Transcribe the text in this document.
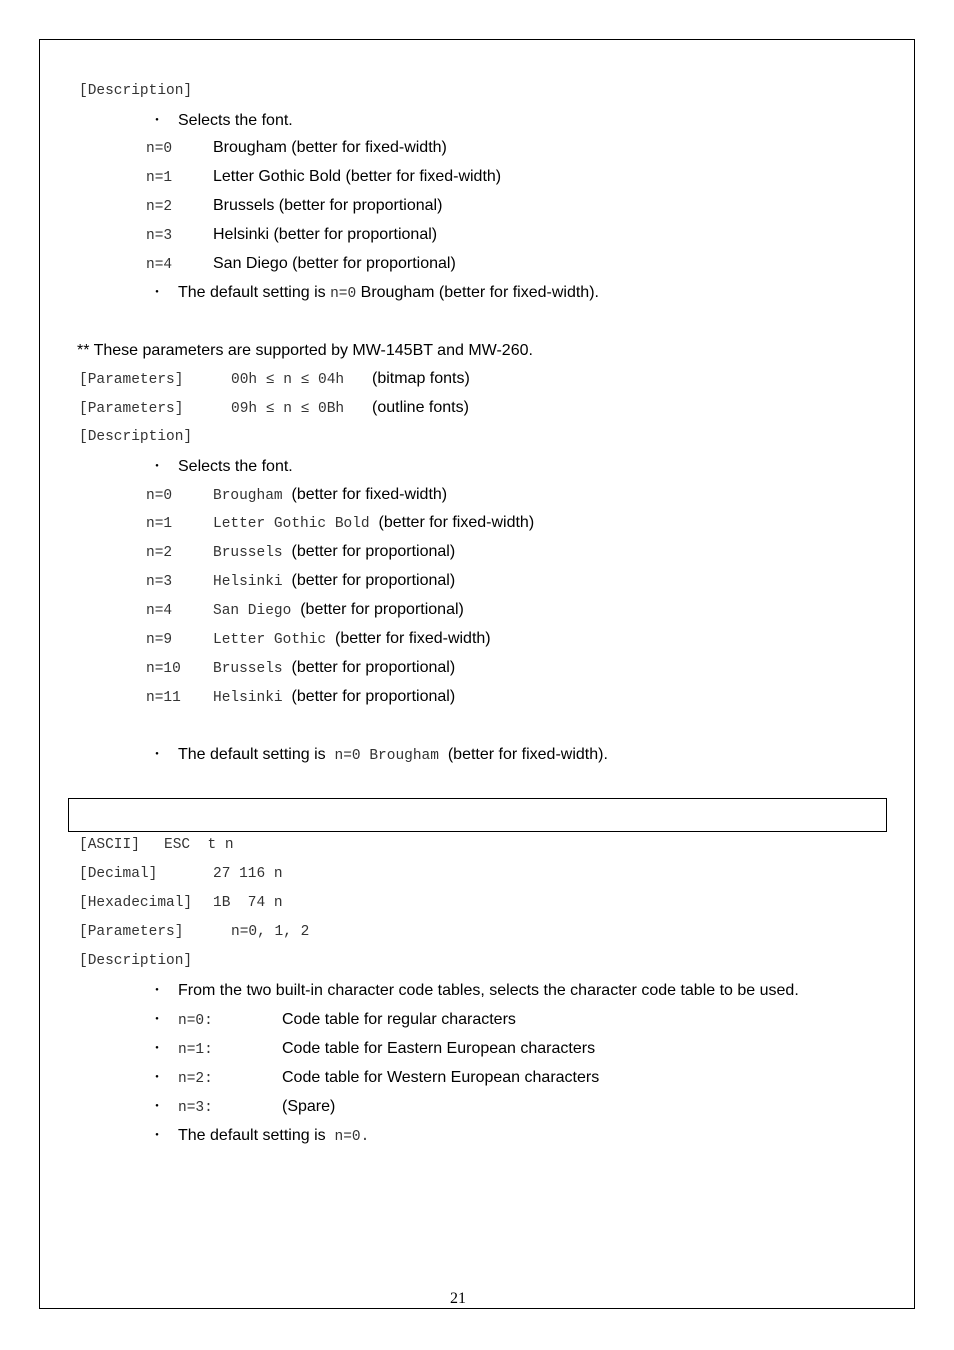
21
[Description]
・ Selects the font.
n=0	Brougham (better for fixed-width)
n=1	Letter Gothic Bold (better for fixed-width)
n=2	Brussels (better for proportional)
n=3	Helsinki (better for proportional)
n=4	San Diego (better for proportional)
・ The default setting is n=0 Brougham (better for fixed-width).
** These parameters are supported by MW-145BT and MW-260.
[Parameters]	00h ≤ n ≤ 04h (bitmap fonts)
[Parameters]	09h ≤ n ≤ 0Bh (outline fonts)
[Description]
・ Selects the font.
n=0	Brougham (better for fixed-width)
n=1	Letter Gothic Bold (better for fixed-width)
n=2	Brussels (better for proportional)
n=3	Helsinki (better for proportional)
n=4	San Diego (better for proportional)
n=9	Letter Gothic (better for fixed-width)
n=10 Brussels (better for proportional)
n=11 Helsinki (better for proportional)
・ The default setting is n=0 Brougham (better for fixed-width).
[ASCII] ESC  t n
[Decimal]	27 116 n
[Hexadecimal] 1B  74 n
[Parameters]	n=0, 1, 2
[Description]
・ From the two built-in character code tables, selects the character code table to be used.
・ n=0:	Code table for regular characters
・ n=1:	Code table for Eastern European characters
・ n=2:	Code table for Western European characters
・ n=3:	(Spare)
・ The default setting is n=0.
